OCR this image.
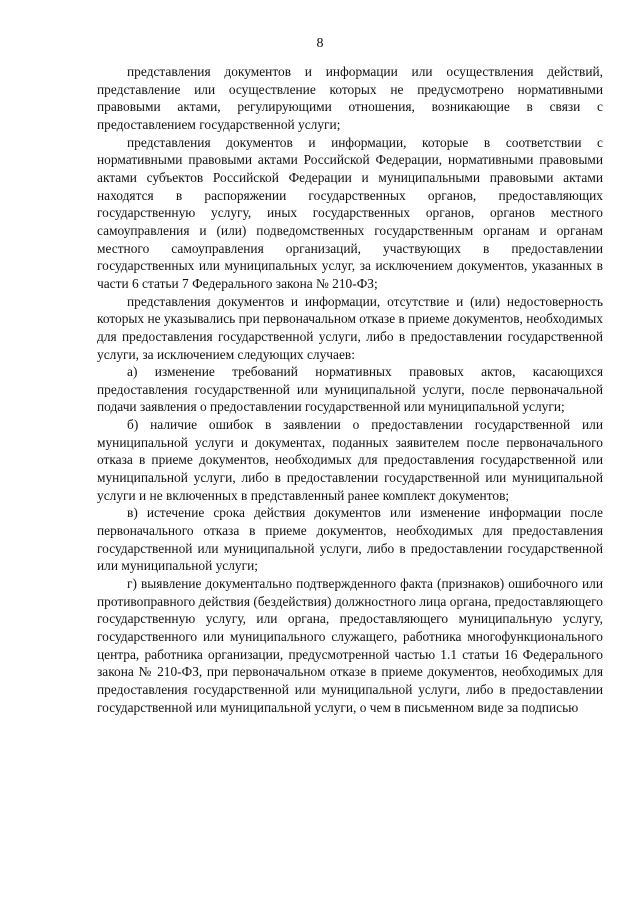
8

представления документов и информации или осуществления действий, представление или осуществление которых не предусмотрено нормативными правовыми актами, регулирующими отношения, возникающие в связи с предоставлением государственной услуги;

представления документов и информации, которые в соответствии с нормативными правовыми актами Российской Федерации, нормативными правовыми актами субъектов Российской Федерации и муниципальными правовыми актами находятся в распоряжении государственных органов, предоставляющих государственную услугу, иных государственных органов, органов местного самоуправления и (или) подведомственных государственным органам и органам местного самоуправления организаций, участвующих в предоставлении государственных или муниципальных услуг, за исключением документов, указанных в части 6 статьи 7 Федерального закона № 210-ФЗ;

представления документов и информации, отсутствие и (или) недостоверность которых не указывались при первоначальном отказе в приеме документов, необходимых для предоставления государственной услуги, либо в предоставлении государственной услуги, за исключением следующих случаев:

а) изменение требований нормативных правовых актов, касающихся предоставления государственной или муниципальной услуги, после первоначальной подачи заявления о предоставлении государственной или муниципальной услуги;

б) наличие ошибок в заявлении о предоставлении государственной или муниципальной услуги и документах, поданных заявителем после первоначального отказа в приеме документов, необходимых для предоставления государственной или муниципальной услуги, либо в предоставлении государственной или муниципальной услуги и не включенных в представленный ранее комплект документов;

в) истечение срока действия документов или изменение информации после первоначального отказа в приеме документов, необходимых для предоставления государственной или муниципальной услуги, либо в предоставлении государственной или муниципальной услуги;

г) выявление документально подтвержденного факта (признаков) ошибочного или противоправного действия (бездействия) должностного лица органа, предоставляющего государственную услугу, или органа, предоставляющего муниципальную услугу, государственного или муниципального служащего, работника многофункционального центра, работника организации, предусмотренной частью 1.1 статьи 16 Федерального закона № 210-ФЗ, при первоначальном отказе в приеме документов, необходимых для предоставления государственной или муниципальной услуги, либо в предоставлении государственной или муниципальной услуги, о чем в письменном виде за подписью
